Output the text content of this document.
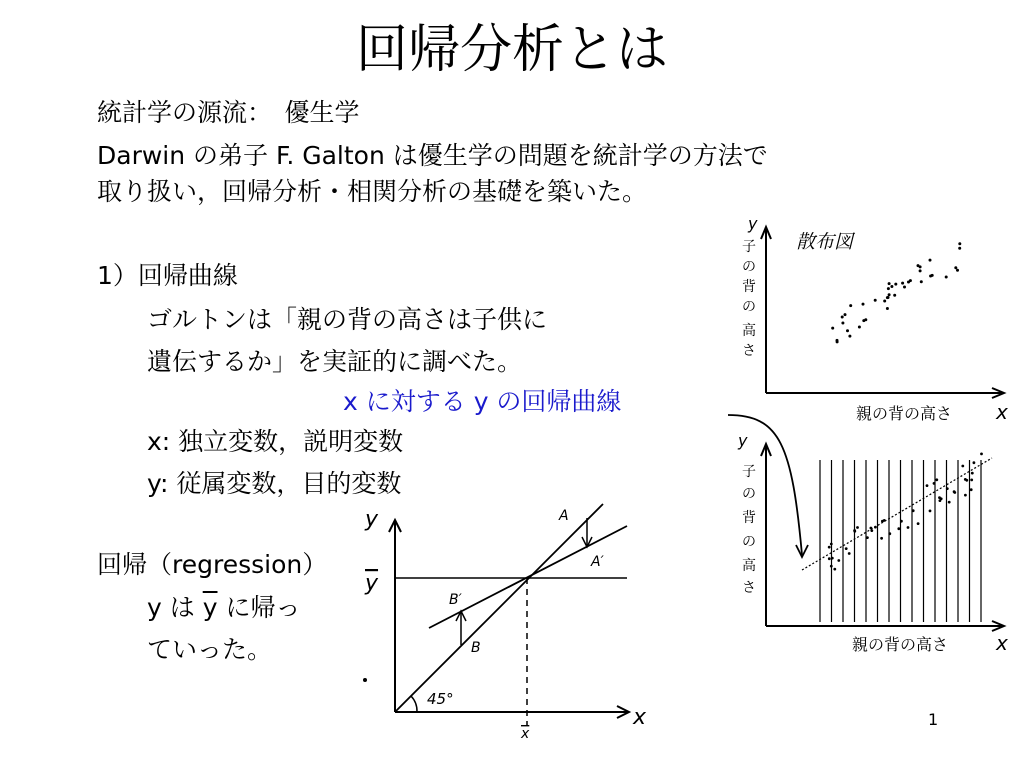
回帰分析とは
統計学の源流：　優生学
Darwin の弟子 F. Galton は優生学の問題を統計学の方法で
取り扱い，回帰分析・相関分析の基礎を築いた。
1）回帰曲線
ゴルトンは「親の背の高さは子供に
遺伝するか」を実証的に調べた。
x に対する y の回帰曲線
x: 独立変数，説明変数
y: 従属変数，目的変数
回帰（regression）
y は $\overline{y}$ に帰っ
ていった。
y
y
x
x
45°
A
A′
B
B′
y
散布図
子
の
背
の
高
さ
親の背の高さ x
y
子
の
背
の
高
さ
親の背の高さ x
1
